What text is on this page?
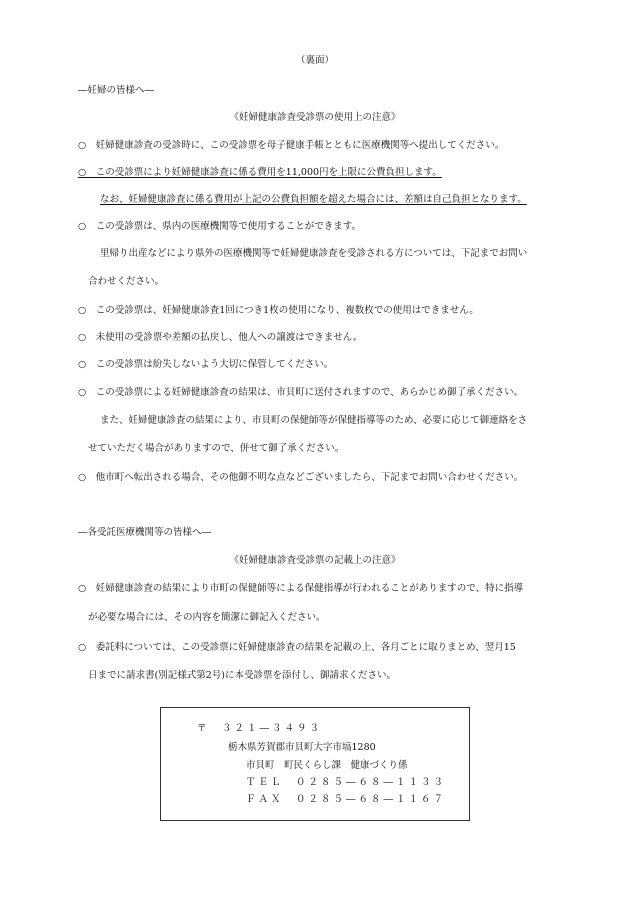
（裏面）
―妊婦の皆様へ―
《妊婦健康診査受診票の使用上の注意》
○　妊婦健康診査の受診時に、この受診票を母子健康手帳とともに医療機関等へ提出してください。
○　この受診票により妊婦健康診査に係る費用を11,000円を上限に公費負担します。
なお、妊婦健康診査に係る費用が上記の公費負担額を超えた場合には、差額は自己負担となります。
○　この受診票は、県内の医療機関等で使用することができます。
里帰り出産などにより県外の医療機関等で妊婦健康診査を受診される方については、下記までお問い
合わせください。
○　この受診票は、妊婦健康診査1回につき1枚の使用になり、複数枚での使用はできません。
○　未使用の受診票や差額の払戻し、他人への譲渡はできません。
○　この受診票は紛失しないよう大切に保管してください。
○　この受診票による妊婦健康診査の結果は、市貝町に送付されますので、あらかじめ御了承ください。
また、妊婦健康診査の結果により、市貝町の保健師等が保健指導等のため、必要に応じて御連絡をさ
せていただく場合がありますので、併せて御了承ください。
○　他市町へ転出される場合、その他御不明な点などございましたら、下記までお問い合わせください。
―各受託医療機関等の皆様へ―
《妊婦健康診査受診票の記載上の注意》
○　妊婦健康診査の結果により市町の保健師等による保健指導が行われることがありますので、特に指導
が必要な場合には、その内容を簡潔に御記入ください。
○　委託料については、この受診票に妊婦健康診査の結果を記載の上、各月ごとに取りまとめ、翌月15
日までに請求書(別記様式第2号)に本受診票を添付し、御請求ください。
〒　３２１―３４９３
栃木県芳賀郡市貝町大字市塙1280
市貝町　町民くらし課　健康づくり係
ＴＥＬ　０２８５―６８―１１３３
ＦＡＸ　０２８５―６８―１１６７
